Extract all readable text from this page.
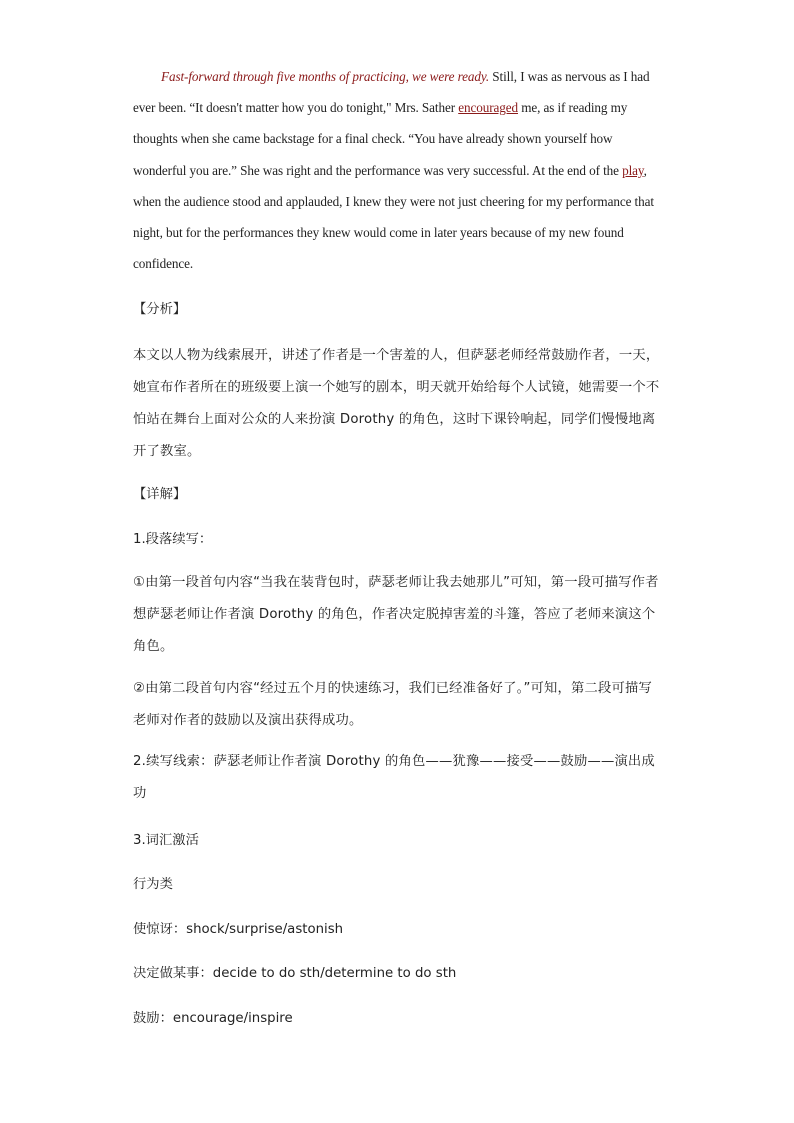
Fast-forward through five months of practicing, we were ready. Still, I was as nervous as I had ever been. “It doesn't matter how you do tonight," Mrs. Sather encouraged me, as if reading my thoughts when she came backstage for a final check. “You have already shown yourself how wonderful you are.” She was right and the performance was very successful. At the end of the play, when the audience stood and applauded, I knew they were not just cheering for my performance that night, but for the performances they knew would come in later years because of my new found confidence.

【分析】

本文以人物为线索展开，讲述了作者是一个害羞的人，但萨瑟老师经常鼓励作者，一天，她宣布作者所在的班级要上演一个她写的剧本，明天就开始给每个人试镜，她需要一个不怕站在舞台上面对公众的人来扮演 Dorothy 的角色，这时下课铃响起，同学们慢慢地离开了教室。

【详解】

1.段落续写：

①由第一段首句内容“当我在装背包时，萨瑟老师让我去她那儿”可知，第一段可描写作者想萨瑟老师让作者演 Dorothy 的角色，作者决定脱掉害羞的斗篷，答应了老师来演这个角色。

②由第二段首句内容“经过五个月的快速练习，我们已经准备好了。”可知，第二段可描写老师对作者的鼓励以及演出获得成功。

2.续写线索：萨瑟老师让作者演 Dorothy 的角色——犹豫——接受——鼓励——演出成功

3.词汇激活

行为类

使惊讶：shock/surprise/astonish

决定做某事：decide to do sth/determine to do sth

鼓励：encourage/inspire
